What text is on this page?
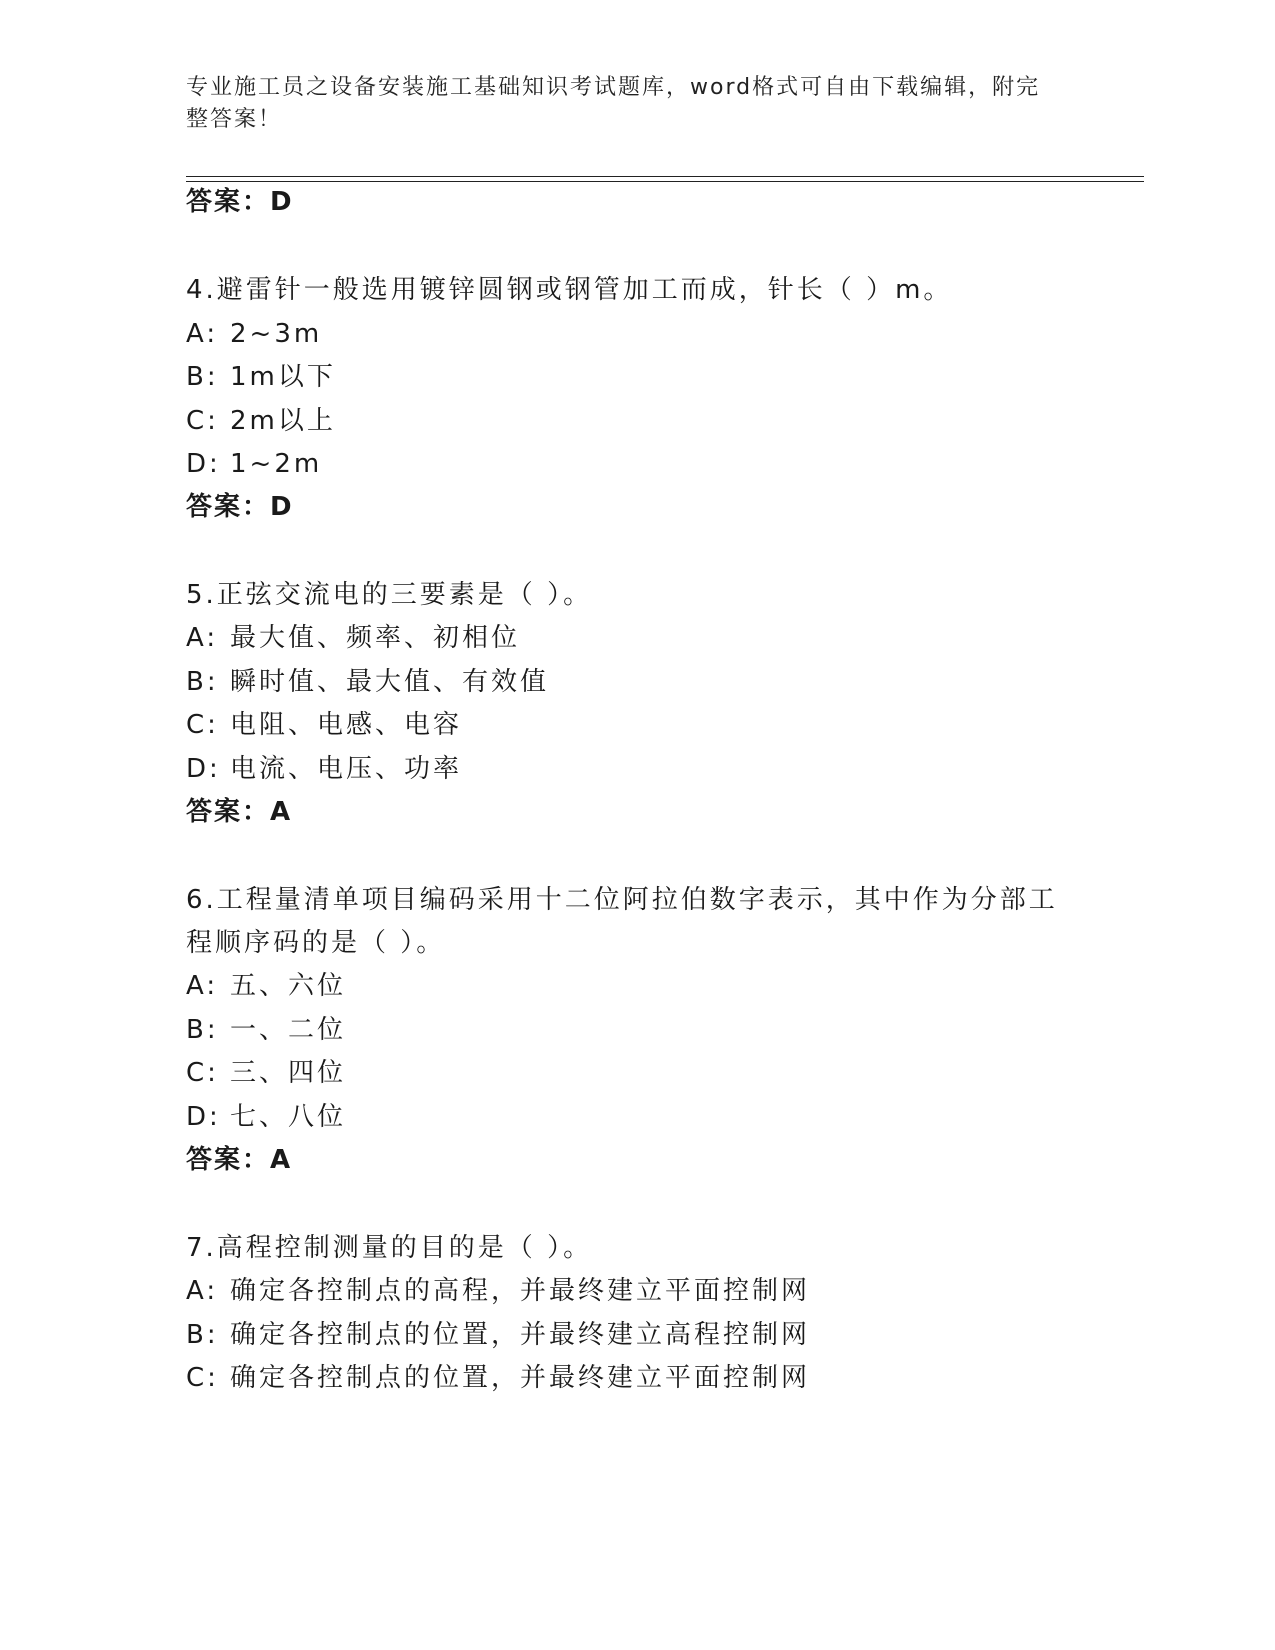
专业施工员之设备安装施工基础知识考试题库，word格式可自由下载编辑，附完
整答案！
答案：D
4.避雷针一般选用镀锌圆钢或钢管加工而成，针长（ ）m。
A: 2~3m
B: 1m以下
C: 2m以上
D: 1~2m
答案：D
5.正弦交流电的三要素是（ ）。
A: 最大值、频率、初相位
B: 瞬时值、最大值、有效值
C: 电阻、电感、电容
D: 电流、电压、功率
答案：A
6.工程量清单项目编码采用十二位阿拉伯数字表示，其中作为分部工
程顺序码的是（ ）。
A: 五、六位
B: 一、二位
C: 三、四位
D: 七、八位
答案：A
7.高程控制测量的目的是（ ）。
A: 确定各控制点的高程，并最终建立平面控制网
B: 确定各控制点的位置，并最终建立高程控制网
C: 确定各控制点的位置，并最终建立平面控制网
